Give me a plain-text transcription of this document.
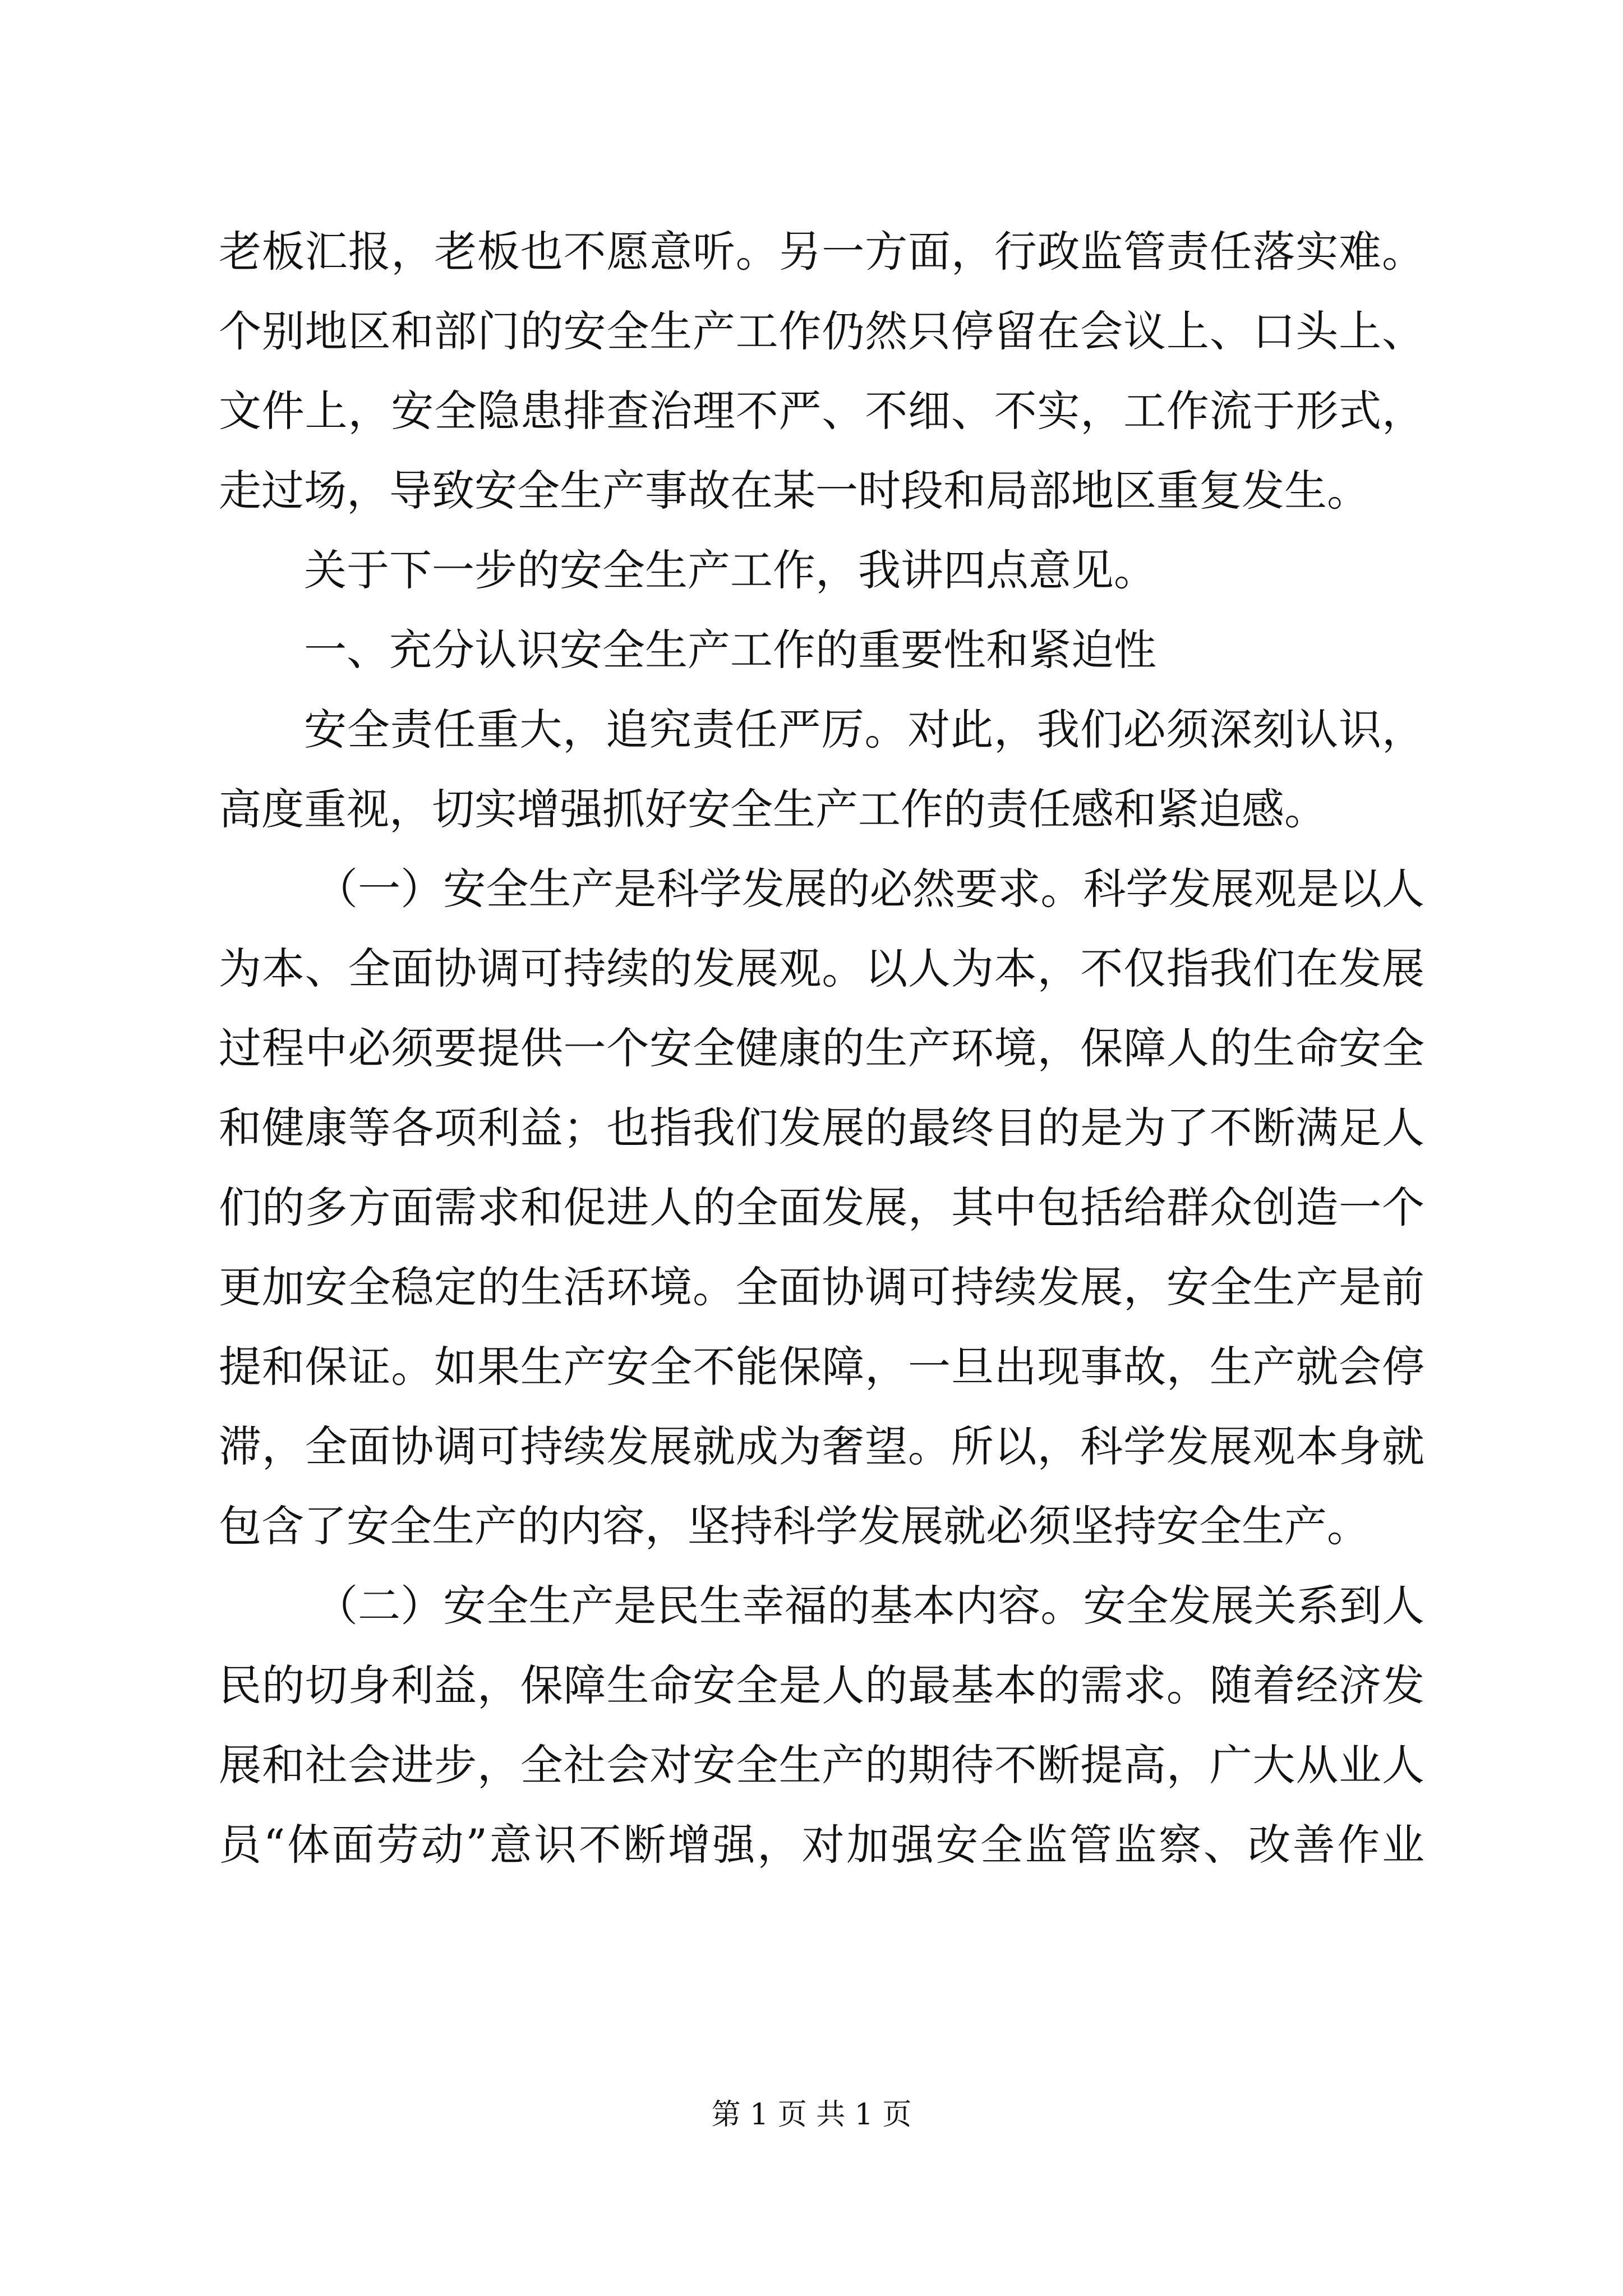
老板汇报，老板也不愿意听。另一方面，行政监管责任落实难。
个别地区和部门的安全生产工作仍然只停留在会议上、口头上、
文件上，安全隐患排查治理不严、不细、不实，工作流于形式，
走过场，导致安全生产事故在某一时段和局部地区重复发生。
关于下一步的安全生产工作，我讲四点意见。
一、充分认识安全生产工作的重要性和紧迫性
安全责任重大，追究责任严厉。对此，我们必须深刻认识，
高度重视，切实增强抓好安全生产工作的责任感和紧迫感。
（一）安全生产是科学发展的必然要求。科学发展观是以人
为本、全面协调可持续的发展观。以人为本，不仅指我们在发展
过程中必须要提供一个安全健康的生产环境，保障人的生命安全
和健康等各项利益；也指我们发展的最终目的是为了不断满足人
们的多方面需求和促进人的全面发展，其中包括给群众创造一个
更加安全稳定的生活环境。全面协调可持续发展，安全生产是前
提和保证。如果生产安全不能保障，一旦出现事故，生产就会停
滞，全面协调可持续发展就成为奢望。所以，科学发展观本身就
包含了安全生产的内容，坚持科学发展就必须坚持安全生产。
（二）安全生产是民生幸福的基本内容。安全发展关系到人
民的切身利益，保障生命安全是人的最基本的需求。随着经济发
展和社会进步，全社会对安全生产的期待不断提高，广大从业人
员“体面劳动”意识不断增强，对加强安全监管监察、改善作业
第 1 页 共 1 页
